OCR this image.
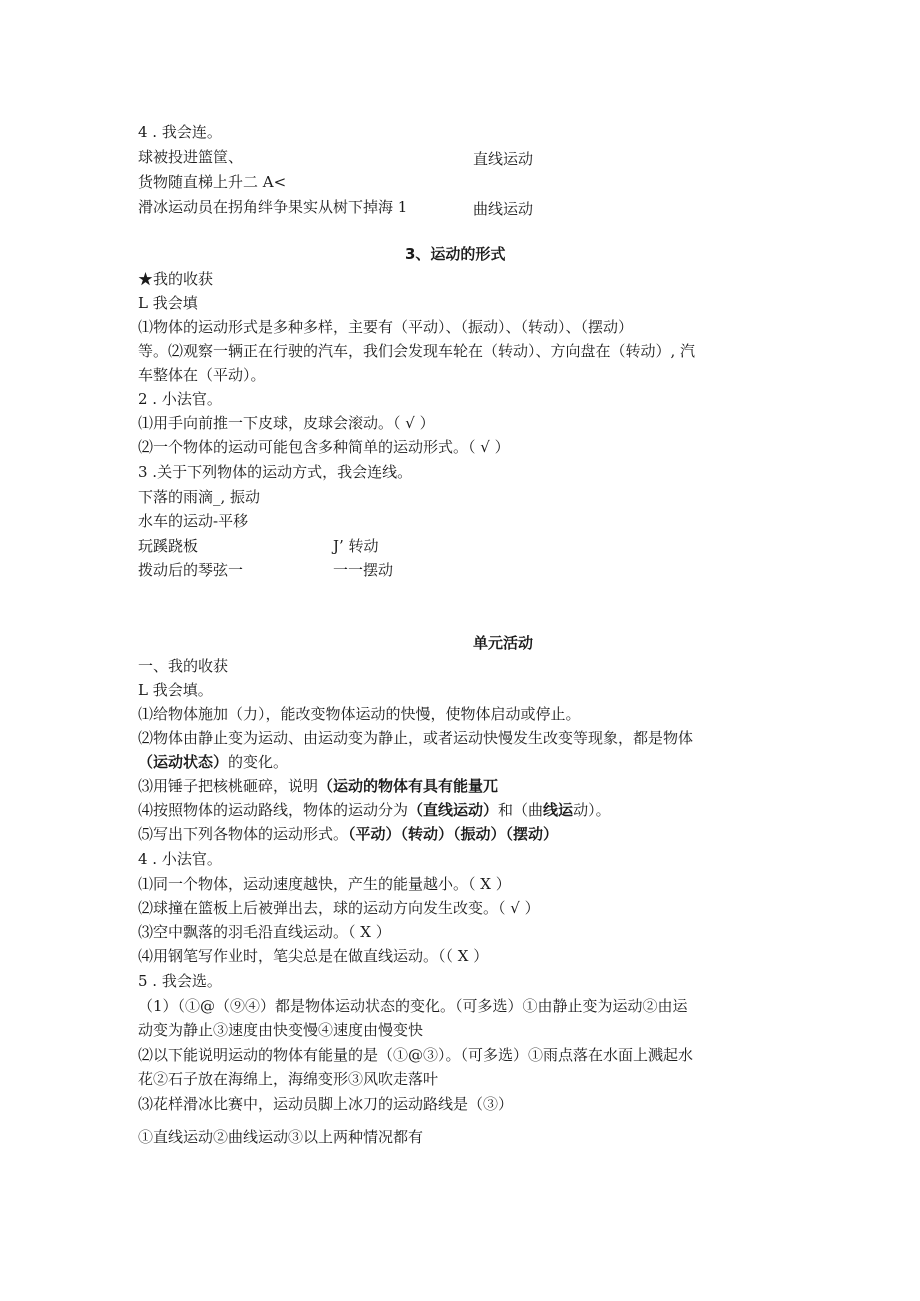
4 . 我会连。
球被投进篮筐、
货物随直梯上升二 A<
滑冰运动员在拐角绊争果实从树下掉海 1
直线运动
曲线运动
3、运动的形式
★我的收获
L 我会填
⑴物体的运动形式是多种多样，主要有（平动）、（振动）、（转动）、（摆动）
等。⑵观察一辆正在行驶的汽车，我们会发现车轮在（转动）、方向盘在（转动）, 汽
车整体在（平动）。
2 . 小法官。
⑴用手向前推一下皮球，皮球会滚动。（ √ ）
⑵一个物体的运动可能包含多种简单的运动形式。（ √ ）
3 .关于下列物体的运动方式，我会连线。
下落的雨滴_, 振动
水车的运动-平移
玩蹊跷板
拨动后的琴弦一
J’ 转动
一一摆动
单元活动
一、我的收获
L 我会填。
⑴给物体施加（力），能改变物体运动的快慢，使物体启动或停止。
⑵物体由静止变为运动、由运动变为静止，或者运动快慢发生改变等现象，都是物体
（运动状态）的变化。
⑶用锤子把核桃砸碎，说明（运动的物体有具有能量兀
⑷按照物体的运动路线，物体的运动分为（直线运动）和（曲线运动）。
⑸写出下列各物体的运动形式。（平动）（转动）（振动）（摆动）
4 . 小法官。
⑴同一个物体，运动速度越快，产生的能量越小。（ X ）
⑵球撞在篮板上后被弹出去，球的运动方向发生改变。（ √ ）
⑶空中飘落的羽毛沿直线运动。（ X ）
⑷用钢笔写作业时，笔尖总是在做直线运动。（（ X ）
5 . 我会选。
（1）（①@（⑨④）都是物体运动状态的变化。（可多选）①由静止变为运动②由运
动变为静止③速度由快变慢④速度由慢变快
⑵以下能说明运动的物体有能量的是（①@③）。（可多选）①雨点落在水面上溅起水
花②石子放在海绵上，海绵变形③风吹走落叶
⑶花样滑冰比赛中，运动员脚上冰刀的运动路线是（③）
①直线运动②曲线运动③以上两种情况都有
